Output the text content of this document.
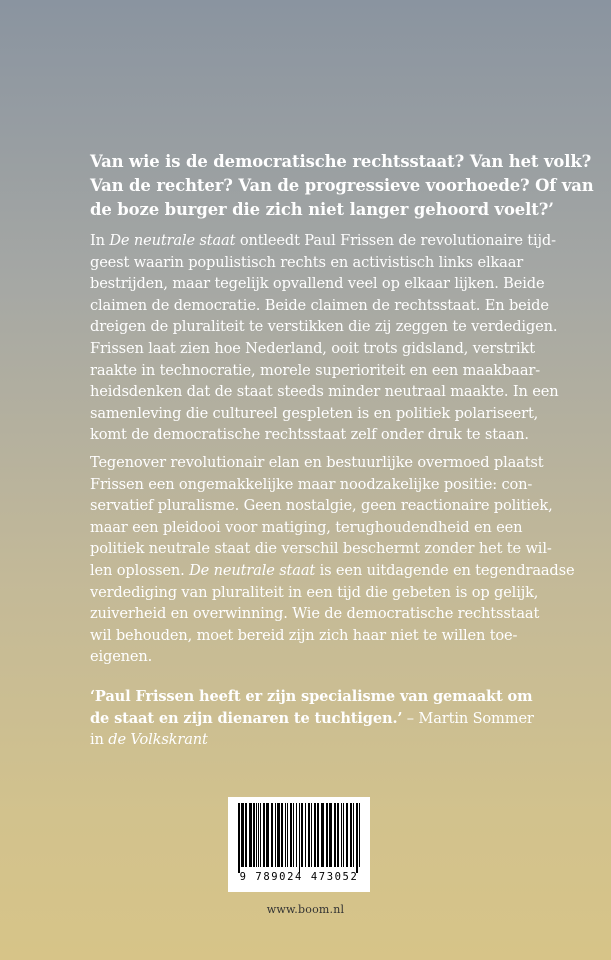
Van wie is de democratische rechtsstaat? Van het volk?
Van de rechter? Van de progressieve voorhoede? Of van
de boze burger die zich niet langer gehoord voelt?’

In De neutrale staat ontleedt Paul Frissen de revolutionaire tijd-
geest waarin populistisch rechts en activistisch links elkaar
bestrijden, maar tegelijk opvallend veel op elkaar lijken. Beide
claimen de democratie. Beide claimen de rechtsstaat. En beide
dreigen de pluraliteit te verstikken die zij zeggen te verdedigen.
Frissen laat zien hoe Nederland, ooit trots gidsland, verstrikt
raakte in technocratie, morele superioriteit en een maakbaar-
heidsdenken dat de staat steeds minder neutraal maakte. In een
samenleving die cultureel gespleten is en politiek polariseert,
komt de democratische rechtsstaat zelf onder druk te staan.

Tegenover revolutionair elan en bestuurlijke overmoed plaatst
Frissen een ongemakkelijke maar noodzakelijke positie: con-
servatief pluralisme. Geen nostalgie, geen reactionaire politiek,
maar een pleidooi voor matiging, terughoudendheid en een
politiek neutrale staat die verschil beschermt zonder het te wil-
len oplossen. De neutrale staat is een uitdagende en tegendraadse
verdediging van pluraliteit in een tijd die gebeten is op gelijk,
zuiverheid en overwinning. Wie de democratische rechtsstaat
wil behouden, moet bereid zijn zich haar niet te willen toe-
eigenen.

‘Paul Frissen heeft er zijn specialisme van gemaakt om
de staat en zijn dienaren te tuchtigen.’ – Martin Sommer
in de Volkskrant

9 789024 473052
www.boom.nl
